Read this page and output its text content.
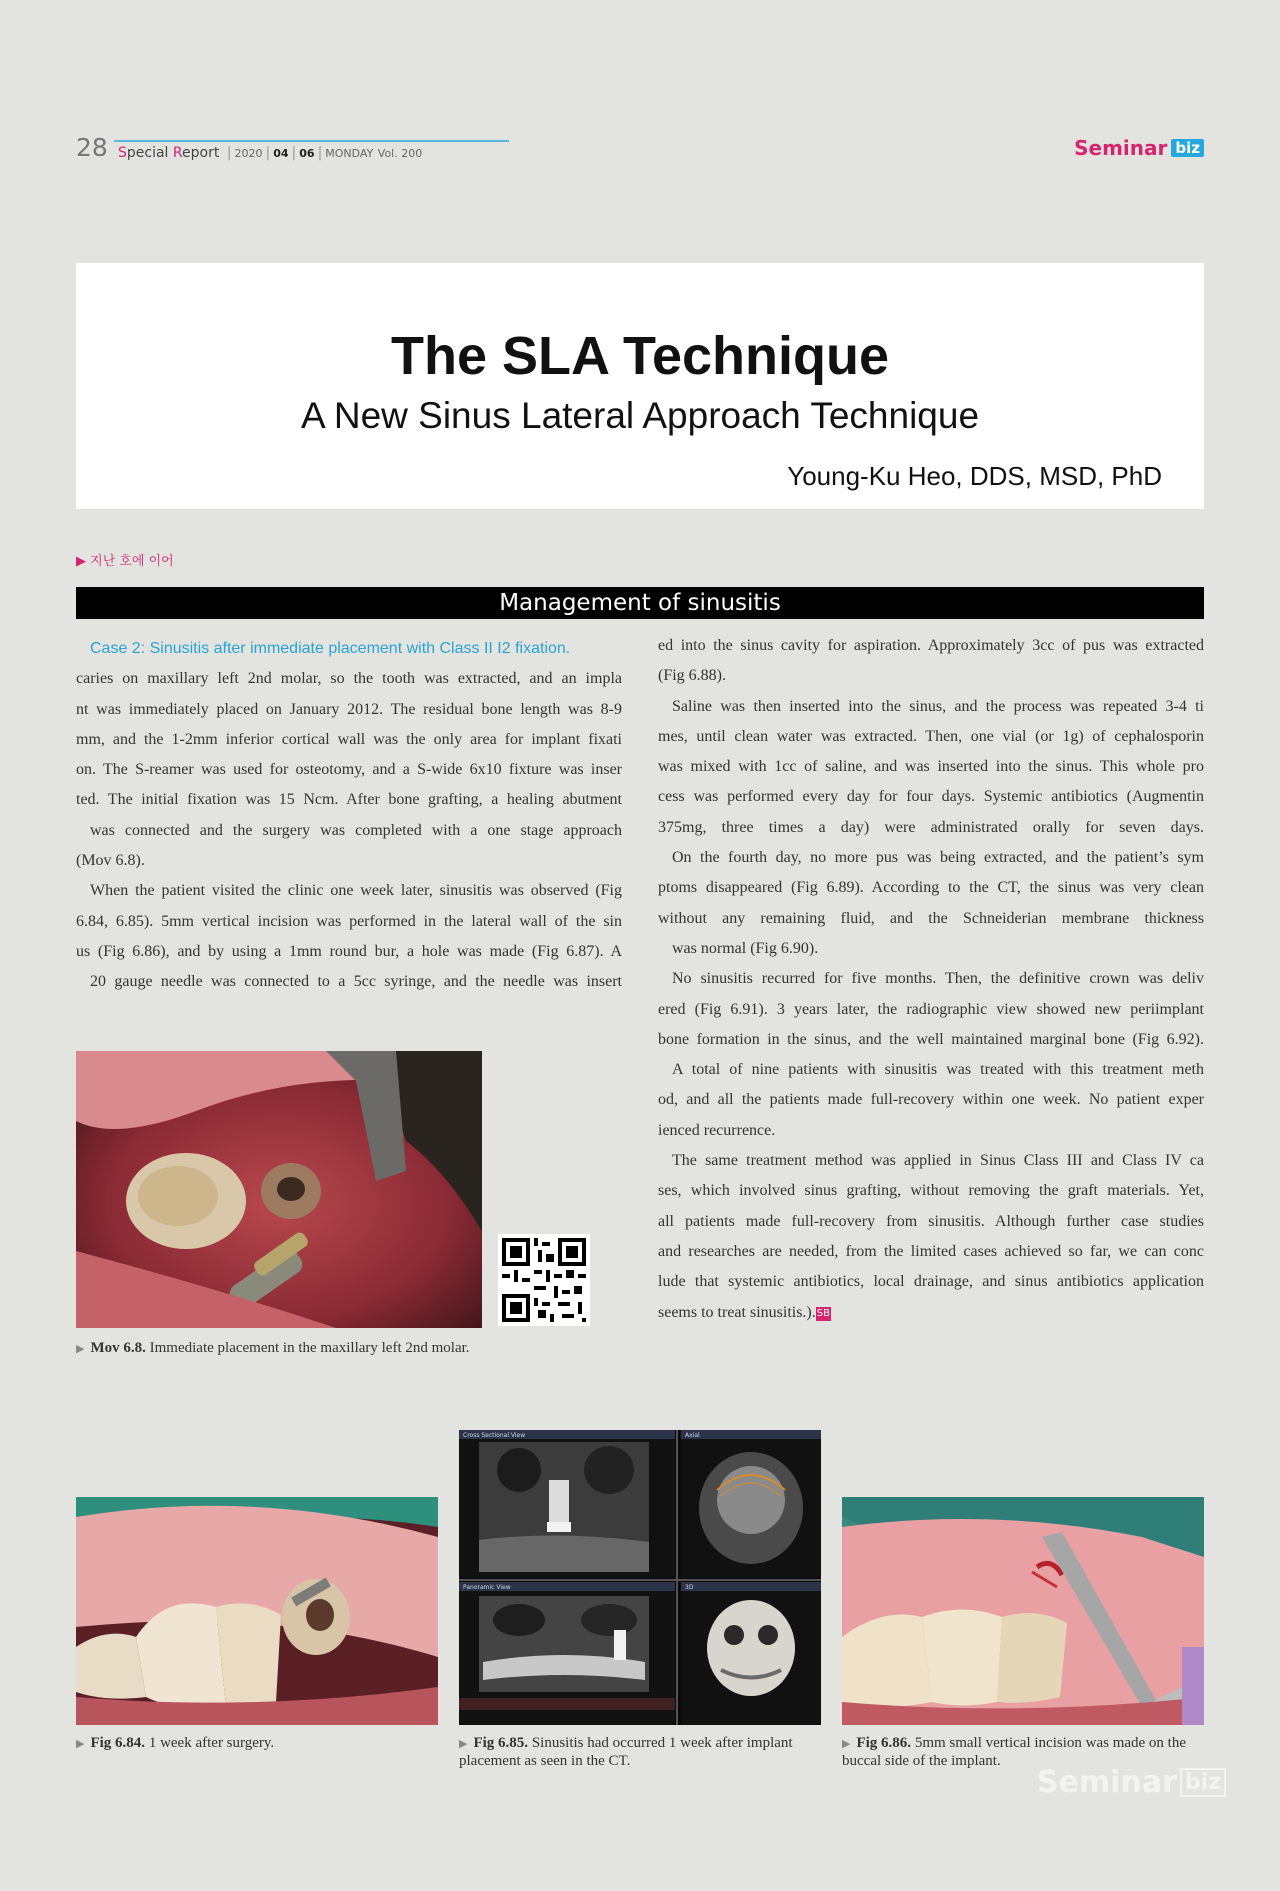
28 Special Report | 2020 | 04 | 06 | MONDAY Vol. 200	Seminar biz
The SLA Technique
A New Sinus Lateral Approach Technique
Young-Ku Heo, DDS, MSD, PhD
▶ 지난 호에 이어
Management of sinusitis
Case 2: Sinusitis after immediate placement with Class II I2 fixation.
caries on maxillary left 2nd molar, so the tooth was extracted, and an impla
nt was immediately placed on January 2012. The residual bone length was 8-9
mm, and the 1-2mm inferior cortical wall was the only area for implant fixati
on. The S-reamer was used for osteotomy, and a S-wide 6x10 fixture was inser
ted. The initial fixation was 15 Ncm. After bone grafting, a healing abutment
was connected and the surgery was completed with a one stage approach
(Mov 6.8).
When the patient visited the clinic one week later, sinusitis was observed (Fig
6.84, 6.85). 5mm vertical incision was performed in the lateral wall of the sin
us (Fig 6.86), and by using a 1mm round bur, a hole was made (Fig 6.87). A
20 gauge needle was connected to a 5cc syringe, and the needle was insert
ed into the sinus cavity for aspiration. Approximately 3cc of pus was extracted
(Fig 6.88).
Saline was then inserted into the sinus, and the process was repeated 3-4 ti
mes, until clean water was extracted. Then, one vial (or 1g) of cephalosporin
was mixed with 1cc of saline, and was inserted into the sinus. This whole pro
cess was performed every day for four days. Systemic antibiotics (Augmentin
375mg, three times a day) were administrated orally for seven days.
On the fourth day, no more pus was being extracted, and the patient’s sym
ptoms disappeared (Fig 6.89). According to the CT, the sinus was very clean
without any remaining fluid, and the Schneiderian membrane thickness
was normal (Fig 6.90).
No sinusitis recurred for five months. Then, the definitive crown was deliv
ered (Fig 6.91). 3 years later, the radiographic view showed new periimplant
bone formation in the sinus, and the well maintained marginal bone (Fig 6.92).
A total of nine patients with sinusitis was treated with this treatment meth
od, and all the patients made full-recovery within one week. No patient exper
ienced recurrence.
The same treatment method was applied in Sinus Class III and Class IV ca
ses, which involved sinus grafting, without removing the graft materials. Yet,
all patients made full-recovery from sinusitis. Although further case studies
and researches are needed, from the limited cases achieved so far, we can conc
lude that systemic antibiotics, local drainage, and sinus antibiotics application
seems to treat sinusitis.).SB
▶ Mov 6.8. Immediate placement in the maxillary left 2nd molar.
▶ Fig 6.84. 1 week after surgery.
Cross Sectional View	Axial
Panoramic View	3D
▶ Fig 6.85. Sinusitis had occurred 1 week after implant placement as seen in the CT.
▶ Fig 6.86. 5mm small vertical incision was made on the buccal side of the implant.
Seminar biz
